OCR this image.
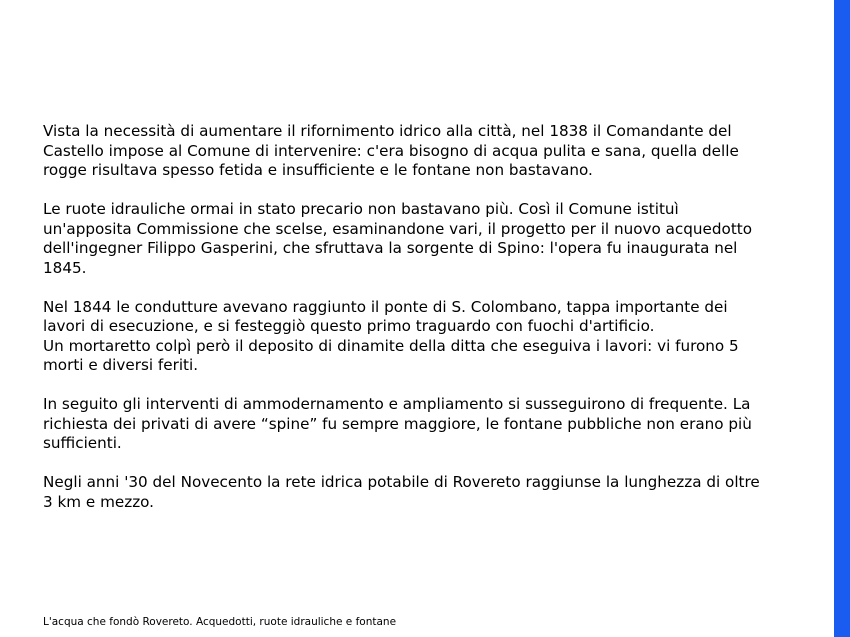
Vista la necessità di aumentare il rifornimento idrico alla città, nel 1838 il Comandante del
Castello impose al Comune di intervenire: c'era bisogno di acqua pulita e sana, quella delle
rogge risultava spesso fetida e insufficiente e le fontane non bastavano.

Le ruote idrauliche ormai in stato precario non bastavano più. Così il Comune istituì
un'apposita Commissione che scelse, esaminandone vari, il progetto per il nuovo acquedotto
dell'ingegner Filippo Gasperini, che sfruttava la sorgente di Spino: l'opera fu inaugurata nel
1845.

Nel 1844 le condutture avevano raggiunto il ponte di S. Colombano, tappa importante dei
lavori di esecuzione, e si festeggiò questo primo traguardo con fuochi d'artificio.
Un mortaretto colpì però il deposito di dinamite della ditta che eseguiva i lavori: vi furono 5
morti e diversi feriti.

In seguito gli interventi di ammodernamento e ampliamento si susseguirono di frequente. La
richiesta dei privati di avere “spine” fu sempre maggiore, le fontane pubbliche non erano più
sufficienti.

Negli anni '30 del Novecento la rete idrica potabile di Rovereto raggiunse la lunghezza di oltre
3 km e mezzo.

L'acqua che fondò Rovereto. Acquedotti, ruote idrauliche e fontane
